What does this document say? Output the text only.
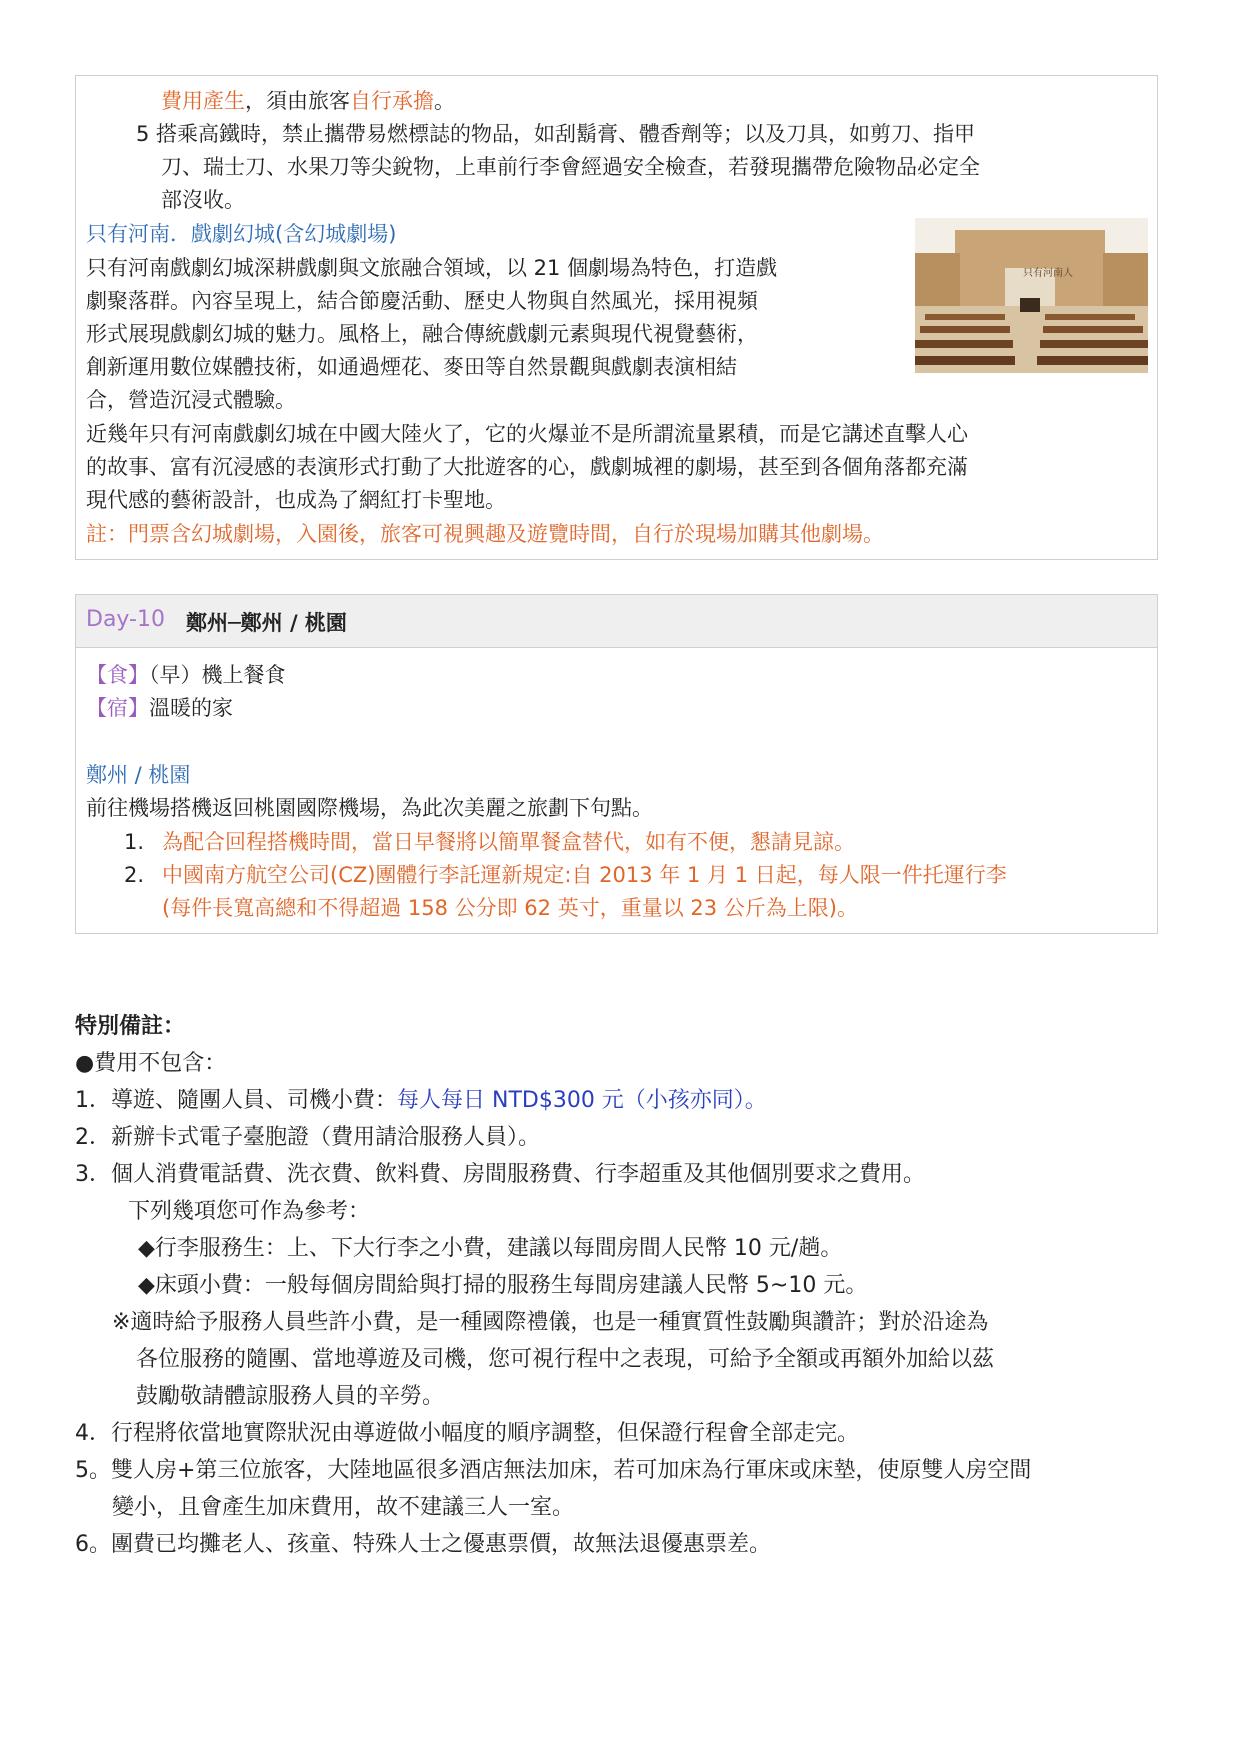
費用產生，須由旅客自行承擔。
5 搭乘高鐵時，禁止攜帶易燃標誌的物品，如刮鬍膏、體香劑等；以及刀具，如剪刀、指甲
刀、瑞士刀、水果刀等尖銳物，上車前行李會經過安全檢查，若發現攜帶危險物品必定全
部沒收。
只有河南．戲劇幻城(含幻城劇場)
只有河南戲劇幻城深耕戲劇與文旅融合領域，以 21 個劇場為特色，打造戲
劇聚落群。內容呈現上，結合節慶活動、歷史人物與自然風光，採用視頻
形式展現戲劇幻城的魅力。風格上，融合傳統戲劇元素與現代視覺藝術，
創新運用數位媒體技術，如通過煙花、麥田等自然景觀與戲劇表演相結
合，營造沉浸式體驗。
近幾年只有河南戲劇幻城在中國大陸火了，它的火爆並不是所謂流量累積，而是它講述直擊人心
的故事、富有沉浸感的表演形式打動了大批遊客的心，戲劇城裡的劇場，甚至到各個角落都充滿
現代感的藝術設計，也成為了網紅打卡聖地。
註：門票含幻城劇場，入園後，旅客可視興趣及遊覽時間，自行於現場加購其他劇場。
只有河南人
Day-10 鄭州─鄭州 / 桃園
【食】（早）機上餐食
【宿】溫暖的家
鄭州 / 桃園
前往機場搭機返回桃園國際機場，為此次美麗之旅劃下句點。
1. 為配合回程搭機時間，當日早餐將以簡單餐盒替代，如有不便，懇請見諒。
2. 中國南方航空公司(CZ)團體行李託運新規定:自 2013 年 1 月 1 日起，每人限一件托運行李
(每件長寬高總和不得超過 158 公分即 62 英寸，重量以 23 公斤為上限)。
特別備註：
●費用不包含：
1．導遊、隨團人員、司機小費：每人每日 NTD$300 元（小孩亦同）。
2．新辦卡式電子臺胞證（費用請洽服務人員）。
3．個人消費電話費、洗衣費、飲料費、房間服務費、行李超重及其他個別要求之費用。
下列幾項您可作為參考：
◆行李服務生：上、下大行李之小費，建議以每間房間人民幣 10 元/趟。
◆床頭小費：一般每個房間給與打掃的服務生每間房建議人民幣 5~10 元。
※適時給予服務人員些許小費，是一種國際禮儀，也是一種實質性鼓勵與讚許；對於沿途為
各位服務的隨團、當地導遊及司機，您可視行程中之表現，可給予全額或再額外加給以茲
鼓勵敬請體諒服務人員的辛勞。
4．行程將依當地實際狀況由導遊做小幅度的順序調整，但保證行程會全部走完。
5。雙人房+第三位旅客，大陸地區很多酒店無法加床，若可加床為行軍床或床墊，使原雙人房空間
變小，且會產生加床費用，故不建議三人一室。
6。團費已均攤老人、孩童、特殊人士之優惠票價，故無法退優惠票差。
